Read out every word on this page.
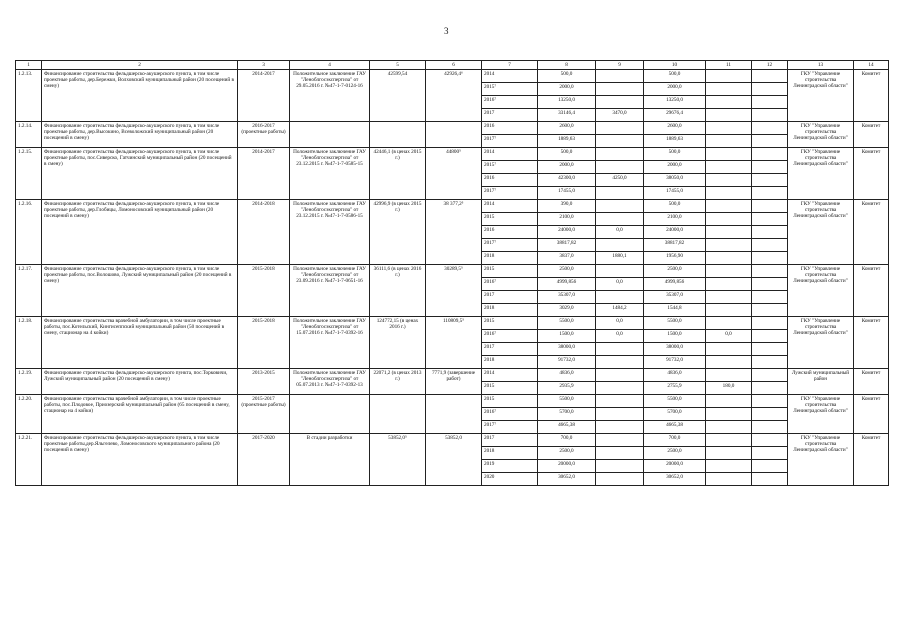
3
1	2	3	4	5	6	7	8	9	10	11	12	13	14
1.2.13.	Финансирование строительства фельдшерско-акушерского пункта, в том числе проектные работы, дер.Бережки, Волховский муниципальный район (20 посещений в смену)	2014-2017	Положительное заключение ГАУ "Леноблгосэкспертиза" от 29.05.2016 г. №47-1-7-0124-16	42599,54	42926,4⁶	2014	500,0		500,0			ГКУ "Управление строительства Ленинградской области"	Комитет
						2015⁷	2000,0		2000,0				
						2016⁷	13250,0		13250,0				
						2017	33146,4	3470,0	29676,4				
1.2.14.	Финансирование строительства фельдшерско-акушерского пункта, в том числе проектные работы, дер.Высокино, Всеволожский муниципальный район (20 посещений в смену)	2016-2017 (проектные работы)				2016	2600,0		2600,0			ГКУ "Управление строительства Ленинградской области"	Комитет
						2017⁷	1889,63		1889,63				
1.2.15.	Финансирование строительства фельдшерско-акушерского пункта, в том числе проектные работы, пос.Сиверско, Гатчинский муниципальный район (20 посещений в смену)	2014-2017	Положительное заключение ГАУ "Леноблгосэкспертиза" от 23.12.2015 г. №47-1-7-0585-15	42446,1 (в ценах 2015 г.)	44800⁵	2014	500,0		500,0			ГКУ "Управление строительства Ленинградской области"	Комитет
						2015⁷	2000,0		2000,0				
						2016	42300,0	4250,0	38050,0				
						2017⁷	17455,0		17455,0				
1.2.16.	Финансирование строительства фельдшерско-акушерского пункта, в том числе проектные работы, дер.Глобицы, Ломоносовский муниципальный район (20 посещений в смену)	2014-2018	Положительное заключение ГАУ "Леноблгосэкспертиза" от 23.12.2015 г. №47-1-7-0586-15	42996,9 (в ценах 2015 г.)	38 377,2⁵	2014	390,0		500,0			ГКУ "Управление строительства Ленинградской области"	Комитет
						2015	2100,0		2100,0				
						2016	24000,0	0,0	24000,0				
						2017⁷	38817,82		38817,82				
						2018	3837,0	1880,1	1956,90				
1.2.17.	Финансирование строительства фельдшерско-акушерского пункта, в том числе проектные работы, пос.Волошово, Лужский муниципальный район (20 посещений в смену)	2015-2018	Положительное заключение ГАУ "Леноблгосэкспертиза" от 23.09.2016 г. №47-1-7-0651-16	36111,6 (в ценах 2016 г.)	30289,5⁵	2015	2500,0		2500,0			ГКУ "Управление строительства Ленинградской области"	Комитет
						2016⁷	4999,856	0,0	4999,856				
						2017	35307,0		35307,0				
						2018	3029,0	1484,2	1544,8				
1.2.18.	Финансирование строительства врачебной амбулатории, в том числе проектные работы, пос.Котельский, Кингисеппский муниципальный район (50 посещений в смену, стационар на 4 койки)	2015-2018	Положительное заключение ГАУ "Леноблгосэкспертиза" от 15.07.2016 г. №47-1-7-0392-16	124772,15 (в ценах 2016 г.)	110809,5⁵	2015	5500,0	0,0	5500,0			ГКУ "Управление строительства Ленинградской области"	Комитет
						2016⁷	1500,0	0,0	1500,0	0,0			
						2017	38000,0		38000,0				
						2018	91732,0		91732,0				
1.2.19.	Финансирование строительства фельдшерско-акушерского пункта, пос.Торковичи, Лужский муниципальный район (20 посещений в смену)	2013-2015	Положительное заключение ГАУ "Леноблгосэкспертиза" от 05.07.2013 г. №47-1-7-0392-13	22071,2 (в ценах 2013 г.)	7771,9 (завершение работ)	2014	4836,0		4836,0			Лужский муниципальный район	Комитет
						2015	2935,9		2755,9	180,0			
1.2.20.	Финансирование строительства врачебной амбулатории, в том числе проектные работы, пос.Плодовое, Приозерский муниципальный район (65 посещений в смену, стационар на 4 койки)	2015-2017 (проектные работы)				2015	5500,0		5500,0			ГКУ "Управление строительства Ленинградской области"	Комитет
						2016⁷	5700,0		5700,0				
						2017⁷	4665,38		4665,38				
1.2.21.	Финансирование строительства фельдшерско-акушерского пункта, в том числе проектные работы,дер.Яльгелево, Ломоносовского муниципального района (20 посещений в смену)	2017-2020	В стадии разработки	53852,0⁵	53852,0	2017	700,0		700,0			ГКУ "Управление строительства Ленинградской области"	Комитет
						2018	2500,0		2500,0				
						2019	20000,0		20000,0				
						2020	30652,0		30652,0				
